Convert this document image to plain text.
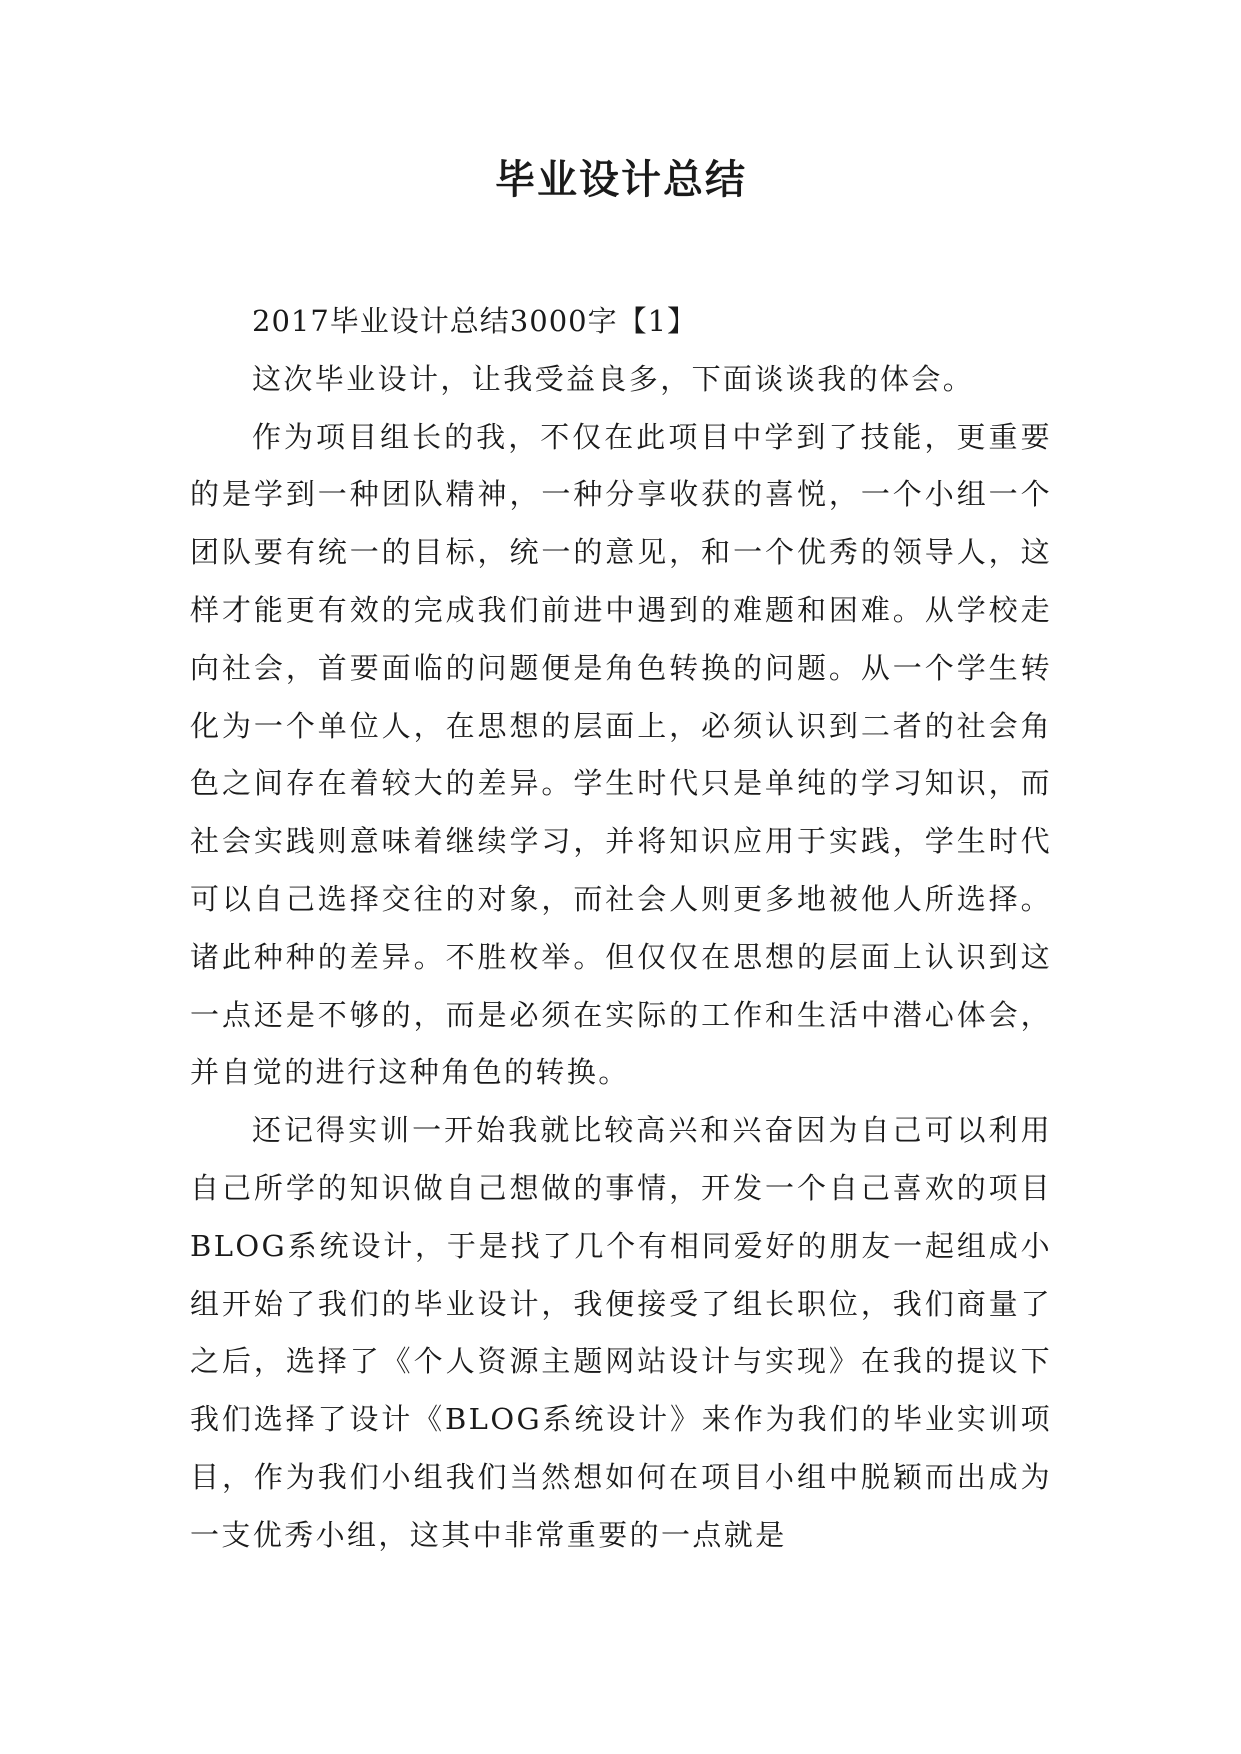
毕业设计总结

2017毕业设计总结3000字【1】

这次毕业设计，让我受益良多，下面谈谈我的体会。

作为项目组长的我，不仅在此项目中学到了技能，更重要的是学到一种团队精神，一种分享收获的喜悦，一个小组一个团队要有统一的目标，统一的意见，和一个优秀的领导人，这样才能更有效的完成我们前进中遇到的难题和困难。从学校走向社会，首要面临的问题便是角色转换的问题。从一个学生转化为一个单位人，在思想的层面上，必须认识到二者的社会角色之间存在着较大的差异。学生时代只是单纯的学习知识，而社会实践则意味着继续学习，并将知识应用于实践，学生时代可以自己选择交往的对象，而社会人则更多地被他人所选择。诸此种种的差异。不胜枚举。但仅仅在思想的层面上认识到这一点还是不够的，而是必须在实际的工作和生活中潜心体会，并自觉的进行这种角色的转换。

还记得实训一开始我就比较高兴和兴奋因为自己可以利用自己所学的知识做自己想做的事情，开发一个自己喜欢的项目BLOG系统设计，于是找了几个有相同爱好的朋友一起组成小组开始了我们的毕业设计，我便接受了组长职位，我们商量了之后，选择了《个人资源主题网站设计与实现》在我的提议下我们选择了设计《BLOG系统设计》来作为我们的毕业实训项目，作为我们小组我们当然想如何在项目小组中脱颖而出成为一支优秀小组，这其中非常重要的一点就是
